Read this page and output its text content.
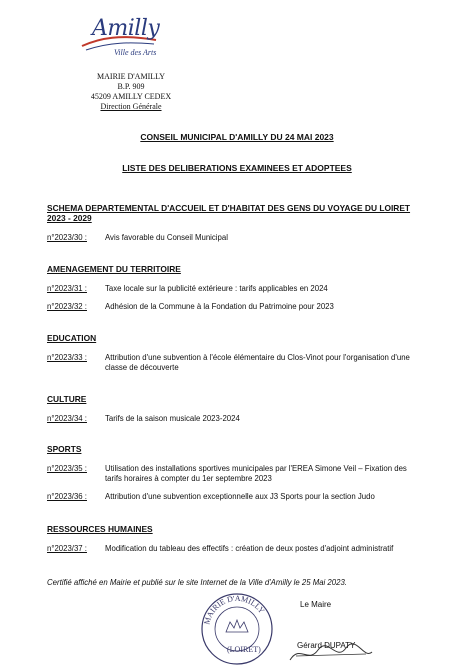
Amilly
Ville des Arts
MAIRIE D'AMILLY
B.P. 909
45209 AMILLY CEDEX
Direction Générale
CONSEIL MUNICIPAL D'AMILLY DU 24 MAI 2023
LISTE DES DELIBERATIONS EXAMINEES ET ADOPTEES
SCHEMA DEPARTEMENTAL D'ACCUEIL ET D'HABITAT DES GENS DU VOYAGE DU LOIRET 2023 - 2029
n°2023/30 : Avis favorable du Conseil Municipal
AMENAGEMENT DU TERRITOIRE
n°2023/31 : Taxe locale sur la publicité extérieure : tarifs applicables en 2024
n°2023/32 : Adhésion de la Commune à la Fondation du Patrimoine pour 2023
EDUCATION
n°2023/33 : Attribution d'une subvention à l'école élémentaire du Clos-Vinot pour l'organisation d'une classe de découverte
CULTURE
n°2023/34 : Tarifs de la saison musicale 2023-2024
SPORTS
n°2023/35 : Utilisation des installations sportives municipales par l'EREA Simone Veil – Fixation des tarifs horaires à compter du 1er septembre 2023
n°2023/36 : Attribution d'une subvention exceptionnelle aux J3 Sports pour la section Judo
RESSOURCES HUMAINES
n°2023/37 : Modification du tableau des effectifs : création de deux postes d'adjoint administratif
Certifié affiché en Mairie et publié sur le site Internet de la Ville d'Amilly le 25 Mai 2023.
MAIRIE D'AMILLY
(LOIRET)
Le Maire
Gérard DUPATY
